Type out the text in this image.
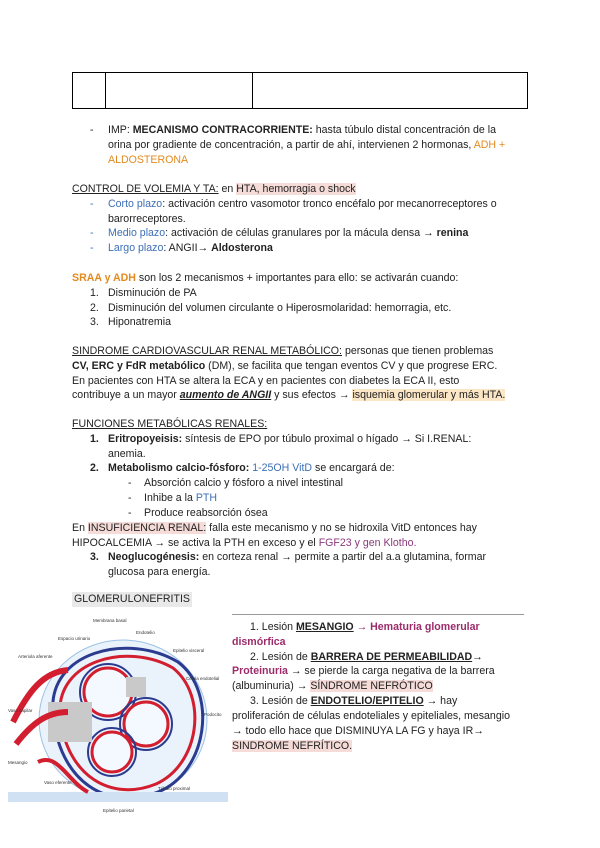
- IMP: MECANISMO CONTRACORRIENTE: hasta túbulo distal concentración de la
orina por gradiente de concentración, a partir de ahí, intervienen 2 hormonas, ADH +
ALDOSTERONA
CONTROL DE VOLEMIA Y TA: en HTA, hemorragia o shock
- Corto plazo: activación centro vasomotor tronco encéfalo por mecanorreceptores o
barorreceptores.
- Medio plazo: activación de células granulares por la mácula densa → renina
- Largo plazo: ANGII→ Aldosterona
SRAA y ADH son los 2 mecanismos + importantes para ello: se activarán cuando:
1. Disminución de PA
2. Disminución del volumen circulante o Hiperosmolaridad: hemorragia, etc.
3. Hiponatremia
SINDROME CARDIOVASCULAR RENAL METABÓLICO: personas que tienen problemas
CV, ERC y FdR metabólico (DM), se facilita que tengan eventos CV y que progrese ERC.
En pacientes con HTA se altera la ECA y en pacientes con diabetes la ECA II, esto
contribuye a un mayor aumento de ANGII y sus efectos → isquemia glomerular y más HTA.
FUNCIONES METABÓLICAS RENALES:
1. Eritropoyeisis: síntesis de EPO por túbulo proximal o hígado → Si I.RENAL:
anemia.
2. Metabolismo calcio-fósforo: 1-25OH VitD se encargará de:
- Absorción calcio y fósforo a nivel intestinal
- Inhibe a la PTH
- Produce reabsorción ósea
En INSUFICIENCIA RENAL: falla este mecanismo y no se hidroxila VitD entonces hay
HIPOCALCEMIA → se activa la PTH en exceso y el FGF23 y gen Klotho.
3. Neoglucogénesis: en corteza renal → permite a partir del a.a glutamina, formar
glucosa para energía.
GLOMERULONEFRITIS
1. Lesión MESANGIO → Hematuria glomerular
dismórfica
2. Lesión de BARRERA DE PERMEABILIDAD→
Proteinuria → se pierde la carga negativa de la barrera
(albuminuria) → SÍNDROME NEFRÓTICO
3. Lesión de ENDOTELIO/EPITELIO → hay
proliferación de células endoteliales y epiteliales, mesangio
→ todo ello hace que DISMINUYA LA FG y haya IR→
SINDROME NEFRÍTICO.
Membrana basal
Endotelio
Espacio urinario
Epitelio visceral
Célula endotelial
Podocito
Arteriola aferente
Vaso capilar
Mesangio
Túbulo proximal
Vaso eferente
Epitelio parietal
